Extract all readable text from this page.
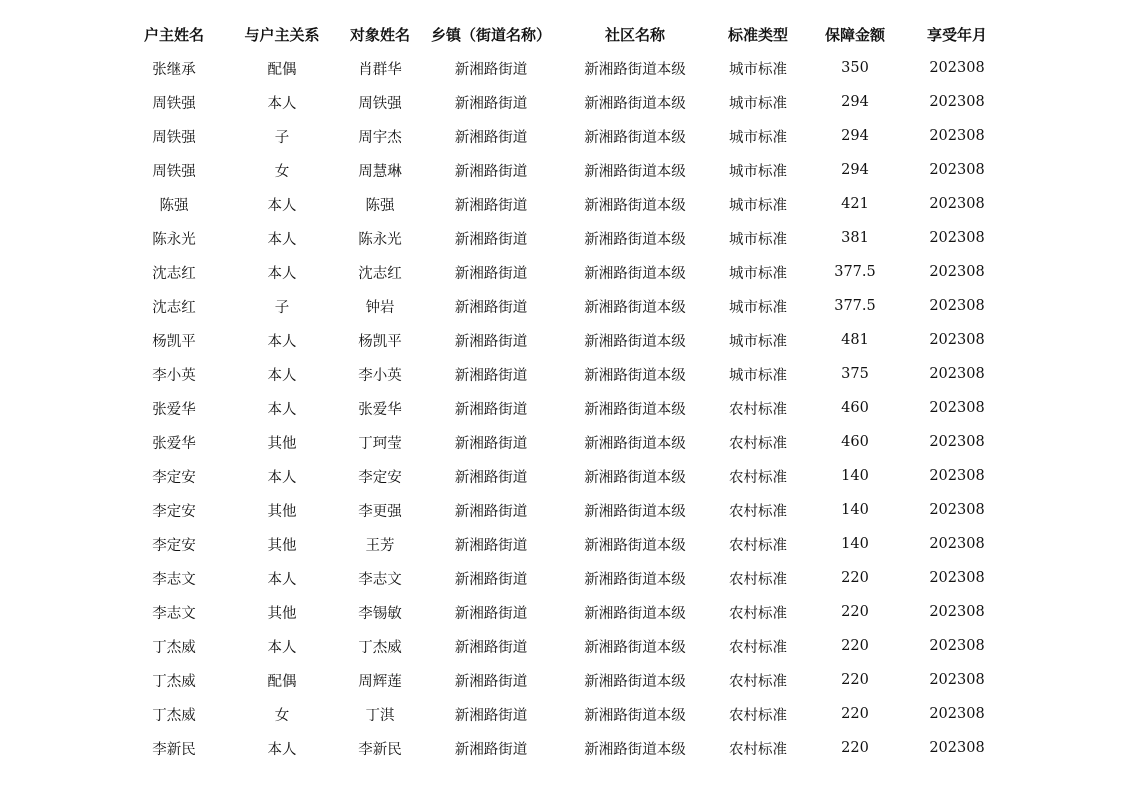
户主姓名	与户主关系	对象姓名	乡镇（街道名称）	社区名称	标准类型	保障金额	享受年月
张继承	配偶	肖群华	新湘路街道	新湘路街道本级	城市标准	350	202308
周铁强	本人	周铁强	新湘路街道	新湘路街道本级	城市标准	294	202308
周铁强	子	周宇杰	新湘路街道	新湘路街道本级	城市标准	294	202308
周铁强	女	周慧琳	新湘路街道	新湘路街道本级	城市标准	294	202308
陈强	本人	陈强	新湘路街道	新湘路街道本级	城市标准	421	202308
陈永光	本人	陈永光	新湘路街道	新湘路街道本级	城市标准	381	202308
沈志红	本人	沈志红	新湘路街道	新湘路街道本级	城市标准	377.5	202308
沈志红	子	钟岩	新湘路街道	新湘路街道本级	城市标准	377.5	202308
杨凯平	本人	杨凯平	新湘路街道	新湘路街道本级	城市标准	481	202308
李小英	本人	李小英	新湘路街道	新湘路街道本级	城市标准	375	202308
张爱华	本人	张爱华	新湘路街道	新湘路街道本级	农村标准	460	202308
张爱华	其他	丁珂莹	新湘路街道	新湘路街道本级	农村标准	460	202308
李定安	本人	李定安	新湘路街道	新湘路街道本级	农村标准	140	202308
李定安	其他	李更强	新湘路街道	新湘路街道本级	农村标准	140	202308
李定安	其他	王芳	新湘路街道	新湘路街道本级	农村标准	140	202308
李志文	本人	李志文	新湘路街道	新湘路街道本级	农村标准	220	202308
李志文	其他	李锡敏	新湘路街道	新湘路街道本级	农村标准	220	202308
丁杰威	本人	丁杰威	新湘路街道	新湘路街道本级	农村标准	220	202308
丁杰威	配偶	周辉莲	新湘路街道	新湘路街道本级	农村标准	220	202308
丁杰威	女	丁淇	新湘路街道	新湘路街道本级	农村标准	220	202308
李新民	本人	李新民	新湘路街道	新湘路街道本级	农村标准	220	202308
